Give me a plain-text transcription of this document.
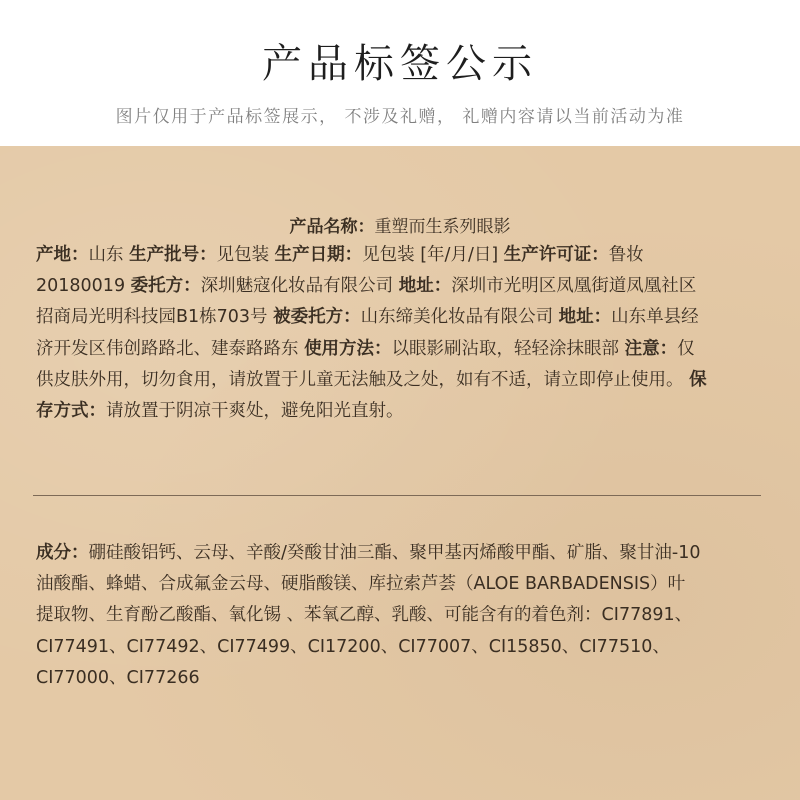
产品标签公示
图片仅用于产品标签展示， 不涉及礼赠， 礼赠内容请以当前活动为准
产品名称：重塑而生系列眼影
产地：山东 生产批号：见包装 生产日期：见包装 [年/月/日] 生产许可证：鲁妆
20180019 委托方：深圳魅寇化妆品有限公司 地址：深圳市光明区凤凰街道凤凰社区
招商局光明科技园B1栋703号 被委托方：山东缔美化妆品有限公司 地址：山东单县经
济开发区伟创路路北、建泰路路东 使用方法：以眼影刷沾取，轻轻涂抹眼部 注意：仅
供皮肤外用，切勿食用，请放置于儿童无法触及之处，如有不适，请立即停止使用。 保
存方式：请放置于阴凉干爽处，避免阳光直射。
成分：硼硅酸铝钙、云母、辛酸/癸酸甘油三酯、聚甲基丙烯酸甲酯、矿脂、聚甘油-10
油酸酯、蜂蜡、合成氟金云母、硬脂酸镁、库拉索芦荟（ALOE BARBADENSIS）叶
提取物、生育酚乙酸酯、氧化锡 、苯氧乙醇、乳酸、可能含有的着色剂：CI77891、
CI77491、CI77492、CI77499、CI17200、CI77007、CI15850、CI77510、
CI77000、CI77266
